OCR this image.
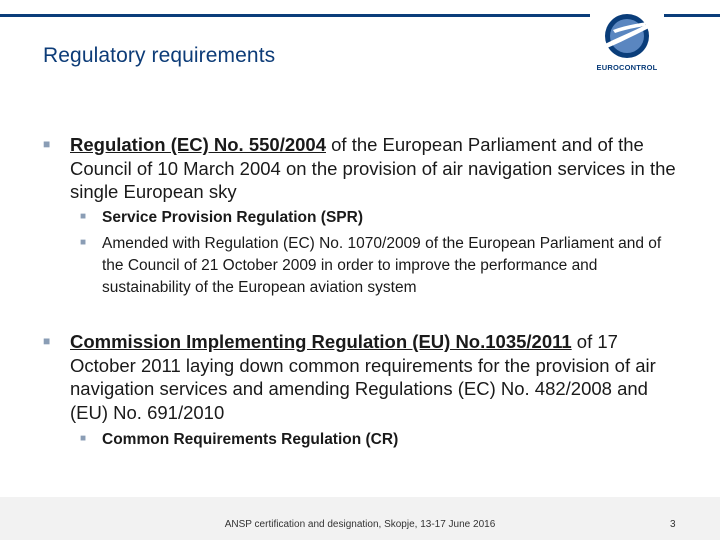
Regulatory requirements
EUROCONTROL
■ Regulation (EC) No. 550/2004 of the European Parliament and of the Council of 10 March 2004 on the provision of air navigation services in the single European sky
■ Service Provision Regulation (SPR)
■ Amended with Regulation (EC) No. 1070/2009 of the European Parliament and of the Council of 21 October 2009 in order to improve the performance and sustainability of the European aviation system
■ Commission Implementing Regulation (EU) No.1035/2011 of 17 October 2011 laying down common requirements for the provision of air navigation services and amending Regulations (EC) No. 482/2008 and (EU) No. 691/2010
■ Common Requirements Regulation (CR)
ANSP certification and designation, Skopje, 13-17 June 2016	3
